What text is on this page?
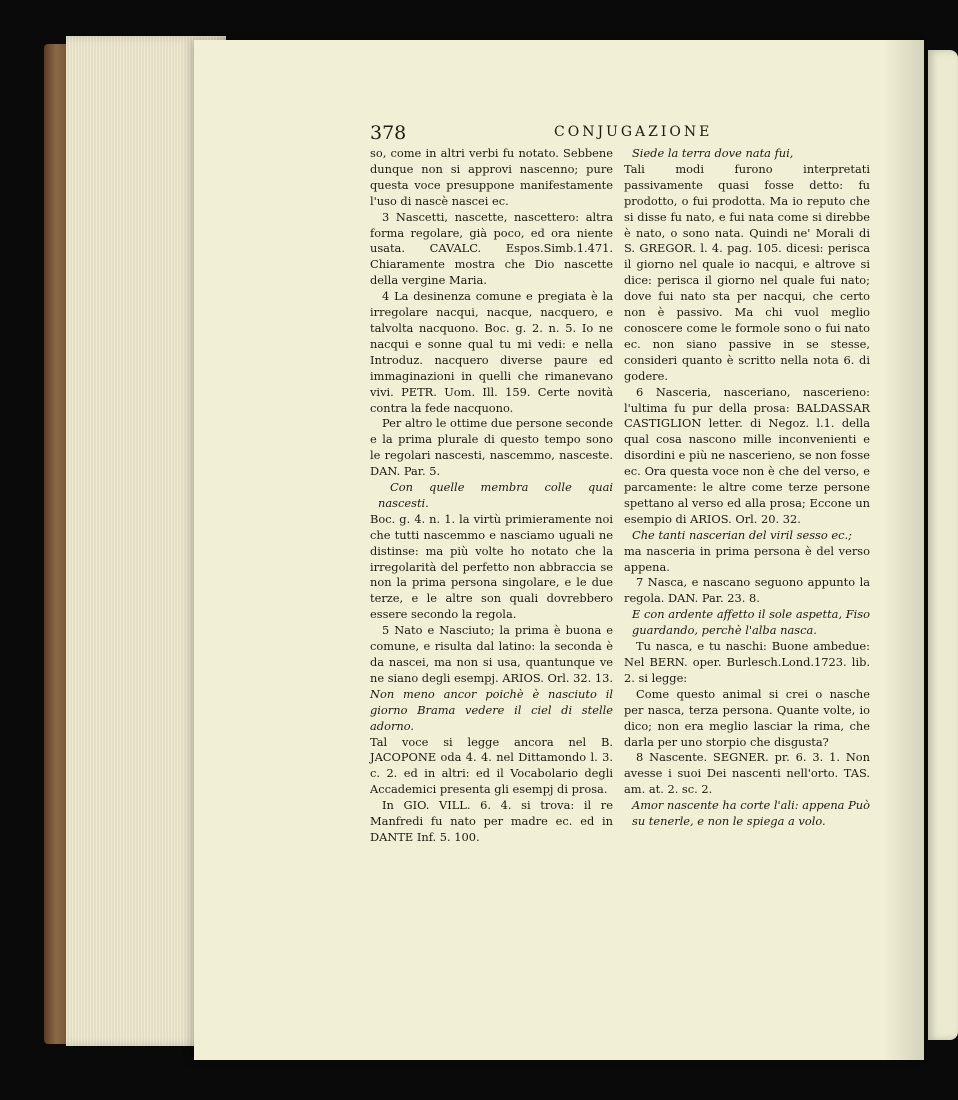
378	CONJUGAZIONE

so, come in altri verbi fu notato. Sebbene dunque non si approvi nascenno; pure questa voce presuppone manifestamente l'uso di nascè nascei ec.

3 Nascetti, nascette, nascettero: altra forma regolare, già poco, ed ora niente usata. CAVALC. Espos.Simb.1.471. Chiaramente mostra che Dio nascette della vergine Maria.

4 La desinenza comune e pregiata è la irregolare nacqui, nacque, nacquero, e talvolta nacquono. Boc. g. 2. n. 5. Io ne nacqui e sonne qual tu mi vedi: e nella Introduz. nacquero diverse paure ed immaginazioni in quelli che rimanevano vivi. PETR. Uom. Ill. 159. Certe novità contra la fede nacquono.

Per altro le ottime due persone seconde e la prima plurale di questo tempo sono le regolari nascesti, nascemmo, nasceste. DAN. Par. 5.

Con quelle membra colle quai nascesti.

Boc. g. 4. n. 1. la virtù primieramente noi che tutti nascemmo e nasciamo uguali ne distinse: ma più volte ho notato che la irregolarità del perfetto non abbraccia se non la prima persona singolare, e le due terze, e le altre son quali dovrebbero essere secondo la regola.

5 Nato e Nasciuto; la prima è buona e comune, e risulta dal latino: la seconda è da nascei, ma non si usa, quantunque ve ne siano degli esempj. ARIOS. Orl. 32. 13.

Non meno ancor poichè è nasciuto il giorno Brama vedere il ciel di stelle adorno.

Tal voce si legge ancora nel B. JACOPONE oda 4. 4. nel Dittamondo l. 3. c. 2. ed in altri: ed il Vocabolario degli Accademici presenta gli esempj di prosa.

In GIO. VILL. 6. 4. si trova: il re Manfredi fu nato per madre ec. ed in DANTE Inf. 5. 100.

Siede la terra dove nata fui,

Tali modi furono interpretati passivamente quasi fosse detto: fu prodotto, o fui prodotta. Ma io reputo che si disse fu nato, e fui nata come si direbbe è nato, o sono nata. Quindi ne' Morali di S. GREGOR. l. 4. pag. 105. dicesi: perisca il giorno nel quale io nacqui, e altrove si dice: perisca il giorno nel quale fui nato; dove fui nato sta per nacqui, che certo non è passivo. Ma chi vuol meglio conoscere come le formole sono o fui nato ec. non siano passive in se stesse, consideri quanto è scritto nella nota 6. di godere.

6 Nasceria, nasceriano, nascerieno: l'ultima fu pur della prosa: BALDASSAR CASTIGLION letter. di Negoz. l.1. della qual cosa nascono mille inconvenienti e disordini e più ne nascerieno, se non fosse ec. Ora questa voce non è che del verso, e parcamente: le altre come terze persone spettano al verso ed alla prosa; Eccone un esempio di ARIOS. Orl. 20. 32.

Che tanti nascerian del viril sesso ec.;

ma nasceria in prima persona è del verso appena.

7 Nasca, e nascano seguono appunto la regola. DAN. Par. 23. 8.

E con ardente affetto il sole aspetta, Fiso guardando, perchè l'alba nasca.

Tu nasca, e tu naschi: Buone ambedue: Nel BERN. oper. Burlesch.Lond.1723. lib. 2. si legge:

Come questo animal si crei o nasche per nasca, terza persona. Quante volte, io dico; non era meglio lasciar la rima, che darla per uno storpio che disgusta?

8 Nascente. SEGNER. pr. 6. 3. 1. Non avesse i suoi Dei nascenti nell'orto. TAS. am. at. 2. sc. 2.

Amor nascente ha corte l'ali: appena Può su tenerle, e non le spiega a volo.
